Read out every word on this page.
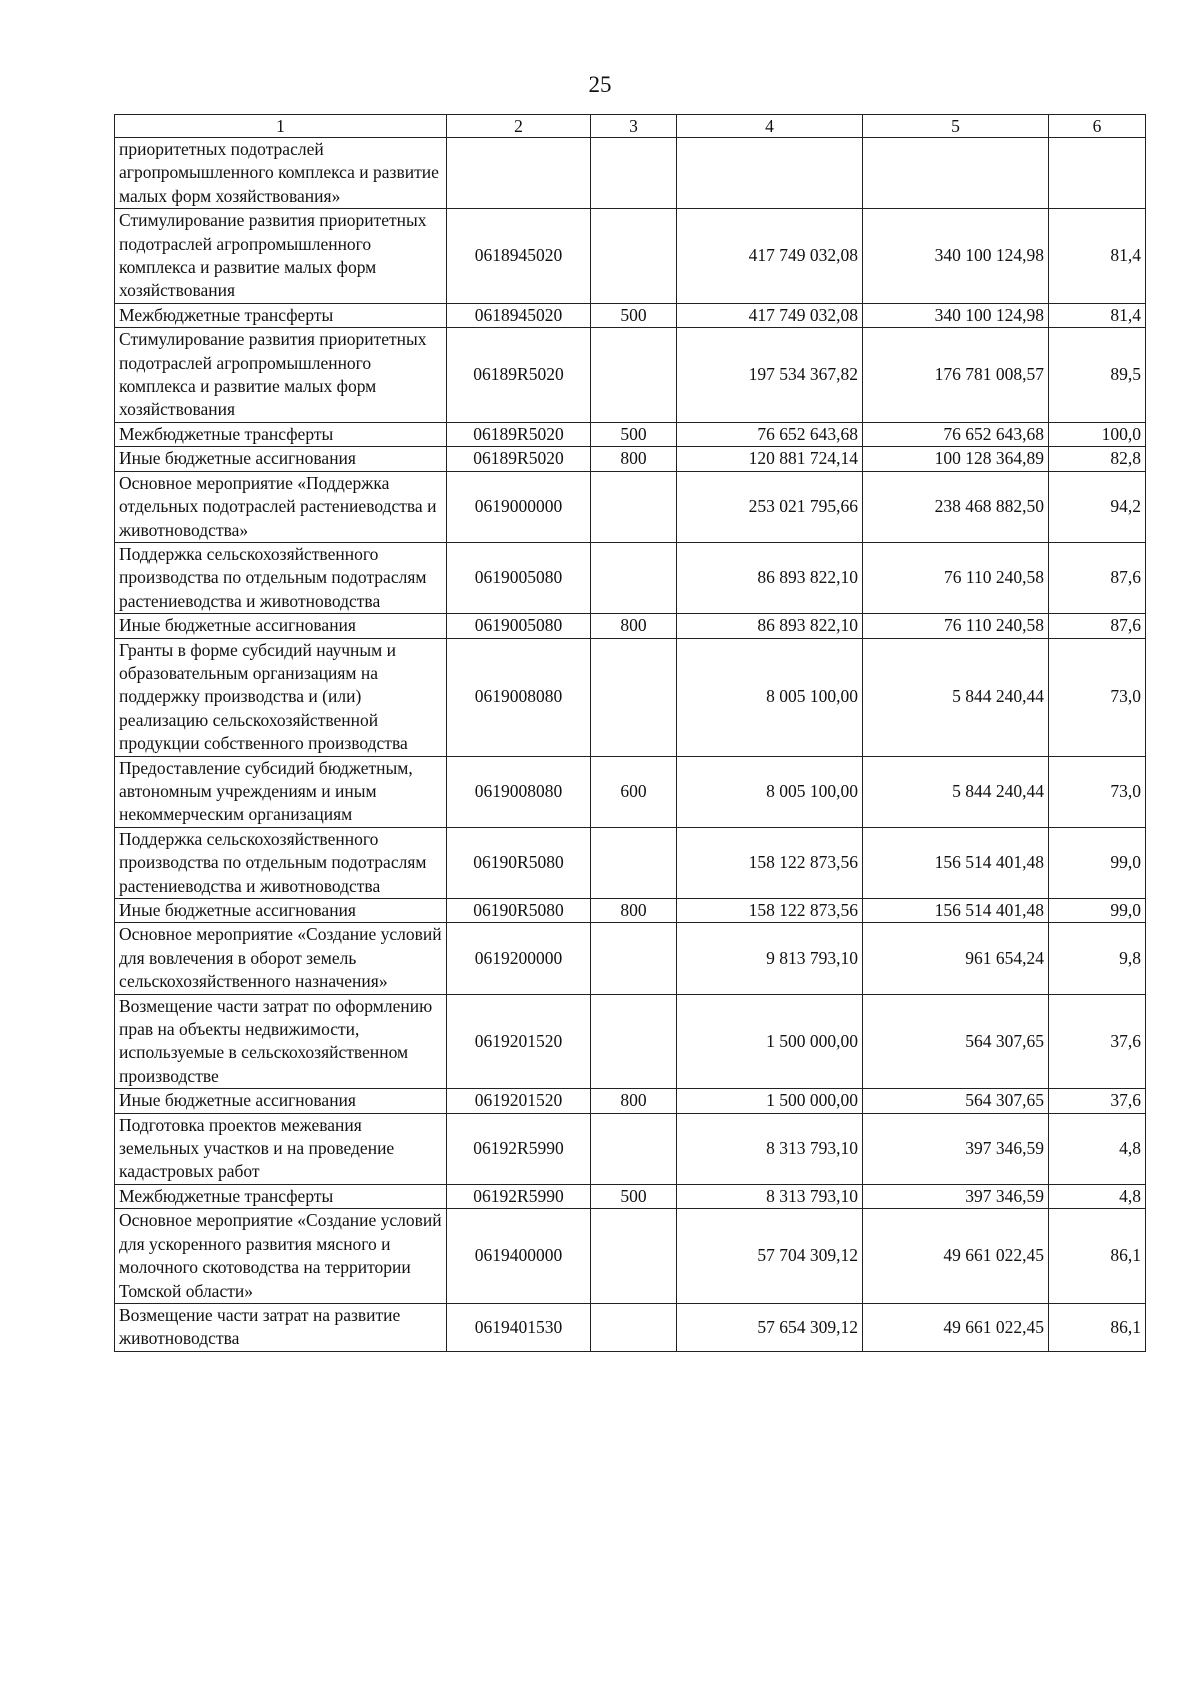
25
1	2	3	4	5	6
приоритетных подотраслей агропромышленного комплекса и развитие малых форм хозяйствования»					
Стимулирование развития приоритетных подотраслей агропромышленного комплекса и развитие малых форм хозяйствования	0618945020		417 749 032,08	340 100 124,98	81,4
Межбюджетные трансферты	0618945020	500	417 749 032,08	340 100 124,98	81,4
Стимулирование развития приоритетных подотраслей агропромышленного комплекса и развитие малых форм хозяйствования	06189R5020		197 534 367,82	176 781 008,57	89,5
Межбюджетные трансферты	06189R5020	500	76 652 643,68	76 652 643,68	100,0
Иные бюджетные ассигнования	06189R5020	800	120 881 724,14	100 128 364,89	82,8
Основное мероприятие «Поддержка отдельных подотраслей растениеводства и животноводства»	0619000000		253 021 795,66	238 468 882,50	94,2
Поддержка сельскохозяйственного производства по отдельным подотраслям растениеводства и животноводства	0619005080		86 893 822,10	76 110 240,58	87,6
Иные бюджетные ассигнования	0619005080	800	86 893 822,10	76 110 240,58	87,6
Гранты в форме субсидий научным и образовательным организациям на поддержку производства и (или) реализацию сельскохозяйственной продукции собственного производства	0619008080		8 005 100,00	5 844 240,44	73,0
Предоставление субсидий бюджетным, автономным учреждениям и иным некоммерческим организациям	0619008080	600	8 005 100,00	5 844 240,44	73,0
Поддержка сельскохозяйственного производства по отдельным подотраслям растениеводства и животноводства	06190R5080		158 122 873,56	156 514 401,48	99,0
Иные бюджетные ассигнования	06190R5080	800	158 122 873,56	156 514 401,48	99,0
Основное мероприятие «Создание условий для вовлечения в оборот земель сельскохозяйственного назначения»	0619200000		9 813 793,10	961 654,24	9,8
Возмещение части затрат по оформлению прав на объекты недвижимости, используемые в сельскохозяйственном производстве	0619201520		1 500 000,00	564 307,65	37,6
Иные бюджетные ассигнования	0619201520	800	1 500 000,00	564 307,65	37,6
Подготовка проектов межевания земельных участков и на проведение кадастровых работ	06192R5990		8 313 793,10	397 346,59	4,8
Межбюджетные трансферты	06192R5990	500	8 313 793,10	397 346,59	4,8
Основное мероприятие «Создание условий для ускоренного развития мясного и молочного скотоводства на территории Томской области»	0619400000		57 704 309,12	49 661 022,45	86,1
Возмещение части затрат на развитие животноводства	0619401530		57 654 309,12	49 661 022,45	86,1
